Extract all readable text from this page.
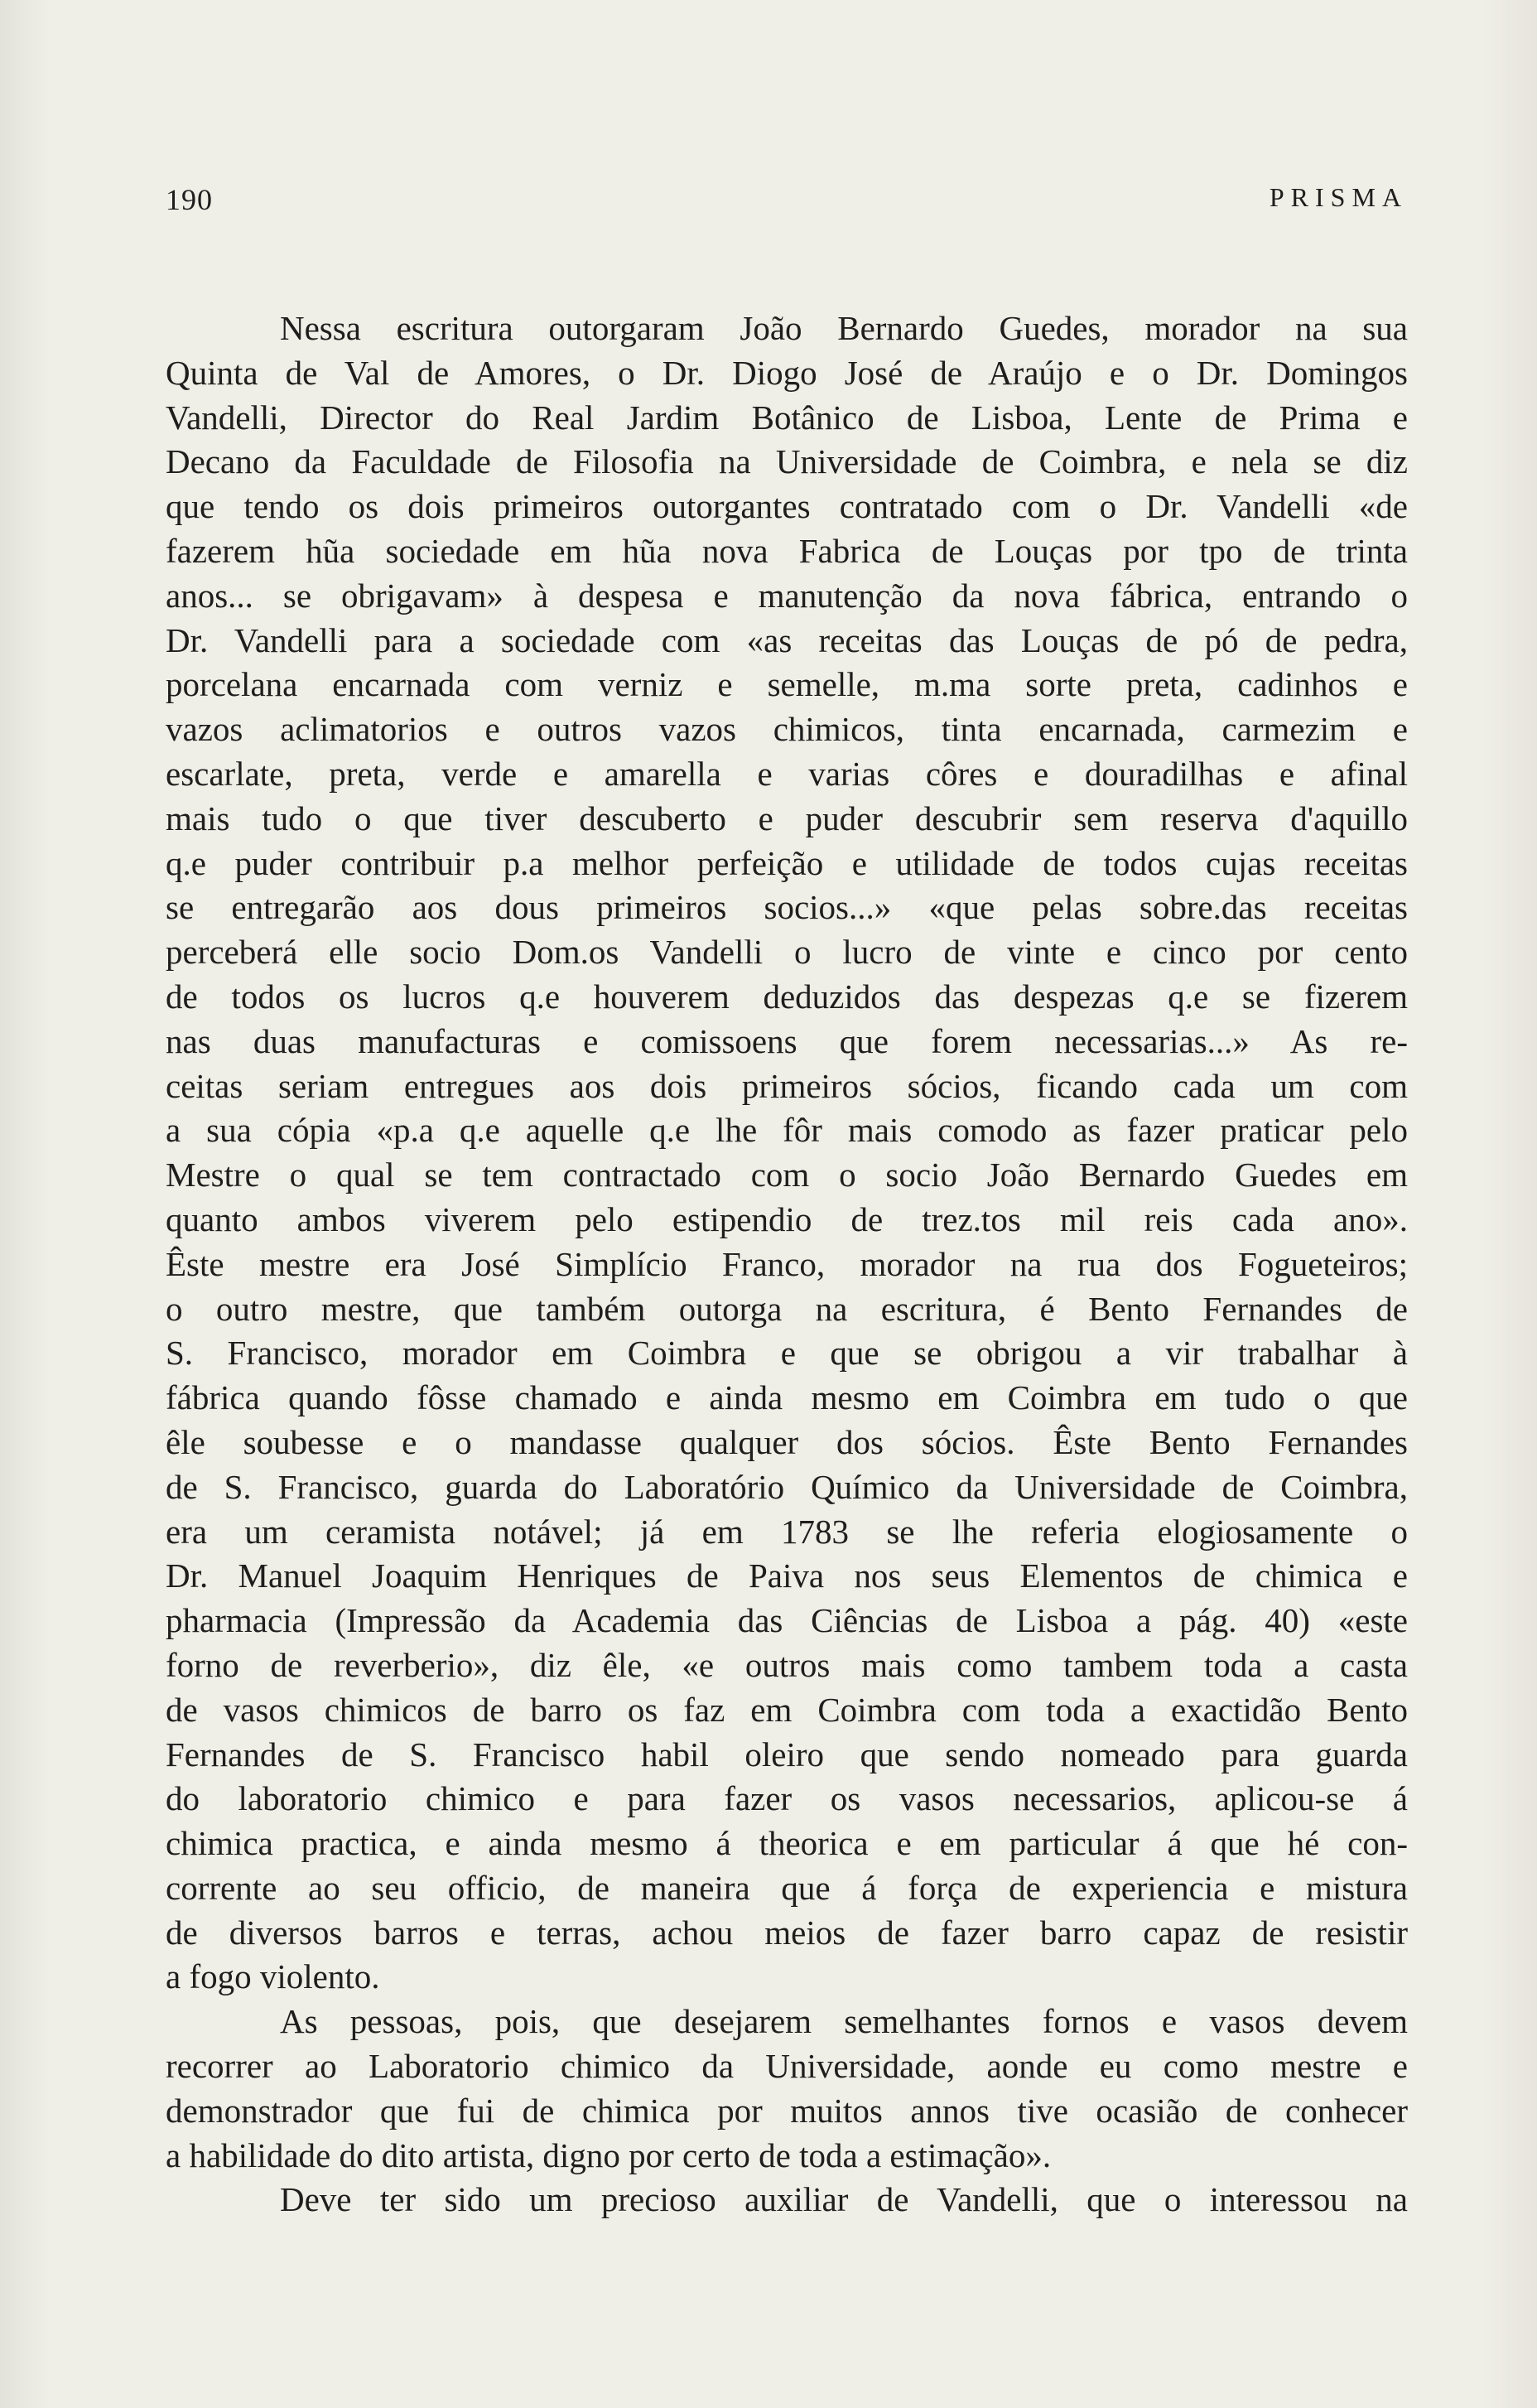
190	PRISMA
Nessa escritura outorgaram João Bernardo Guedes, morador na sua
Quinta de Val de Amores, o Dr. Diogo José de Araújo e o Dr. Domingos
Vandelli, Director do Real Jardim Botânico de Lisboa, Lente de Prima e
Decano da Faculdade de Filosofia na Universidade de Coimbra, e nela se diz
que tendo os dois primeiros outorgantes contratado com o Dr. Vandelli «de
fazerem hũa sociedade em hũa nova Fabrica de Louças por tpo de trinta
anos... se obrigavam» à despesa e manutenção da nova fábrica, entrando o
Dr. Vandelli para a sociedade com «as receitas das Louças de pó de pedra,
porcelana encarnada com verniz e semelle, m.ma sorte preta, cadinhos e
vazos aclimatorios e outros vazos chimicos, tinta encarnada, carmezim e
escarlate, preta, verde e amarella e varias côres e douradilhas e afinal
mais tudo o que tiver descuberto e puder descubrir sem reserva d'aquillo
q.e puder contribuir p.a melhor perfeição e utilidade de todos cujas receitas
se entregarão aos dous primeiros socios...» «que pelas sobre.das receitas
perceberá elle socio Dom.os Vandelli o lucro de vinte e cinco por cento
de todos os lucros q.e houverem deduzidos das despezas q.e se fizerem
nas duas manufacturas e comissoens que forem necessarias...» As re-
ceitas seriam entregues aos dois primeiros sócios, ficando cada um com
a sua cópia «p.a q.e aquelle q.e lhe fôr mais comodo as fazer praticar pelo
Mestre o qual se tem contractado com o socio João Bernardo Guedes em
quanto ambos viverem pelo estipendio de trez.tos mil reis cada ano».
Êste mestre era José Simplício Franco, morador na rua dos Fogueteiros;
o outro mestre, que também outorga na escritura, é Bento Fernandes de
S. Francisco, morador em Coimbra e que se obrigou a vir trabalhar à
fábrica quando fôsse chamado e ainda mesmo em Coimbra em tudo o que
êle soubesse e o mandasse qualquer dos sócios. Êste Bento Fernandes
de S. Francisco, guarda do Laboratório Químico da Universidade de Coimbra,
era um ceramista notável; já em 1783 se lhe referia elogiosamente o
Dr. Manuel Joaquim Henriques de Paiva nos seus Elementos de chimica e
pharmacia (Impressão da Academia das Ciências de Lisboa a pág. 40) «este
forno de reverberio», diz êle, «e outros mais como tambem toda a casta
de vasos chimicos de barro os faz em Coimbra com toda a exactidão Bento
Fernandes de S. Francisco habil oleiro que sendo nomeado para guarda
do laboratorio chimico e para fazer os vasos necessarios, aplicou-se á
chimica practica, e ainda mesmo á theorica e em particular á que hé con-
corrente ao seu officio, de maneira que á força de experiencia e mistura
de diversos barros e terras, achou meios de fazer barro capaz de resistir
a fogo violento.
As pessoas, pois, que desejarem semelhantes fornos e vasos devem
recorrer ao Laboratorio chimico da Universidade, aonde eu como mestre e
demonstrador que fui de chimica por muitos annos tive ocasião de conhecer
a habilidade do dito artista, digno por certo de toda a estimação».
Deve ter sido um precioso auxiliar de Vandelli, que o interessou na
